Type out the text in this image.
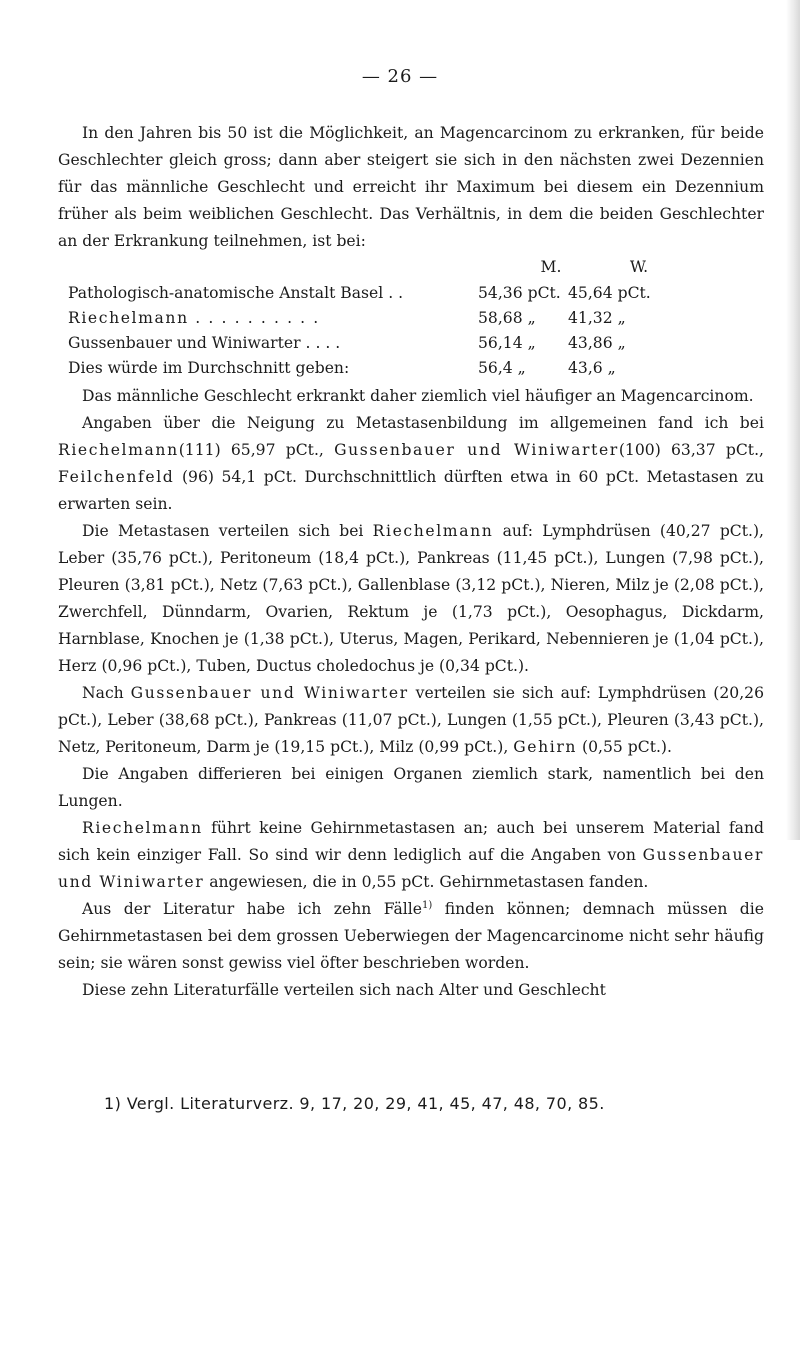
— 26 —

In den Jahren bis 50 ist die Möglichkeit, an Magencarcinom zu erkranken, für beide Geschlechter gleich gross; dann aber steigert sie sich in den nächsten zwei Dezennien für das männliche Geschlecht und erreicht ihr Maximum bei diesem ein Dezennium früher als beim weiblichen Geschlecht. Das Verhältnis, in dem die beiden Geschlechter an der Erkrankung teilnehmen, ist bei:

M.	W.
Pathologisch-anatomische Anstalt Basel . .	54,36 pCt.	45,64 pCt.
Riechelmann . . . . . . . . . .	58,68 „	41,32 „
Gussenbauer und Winiwarter . . . .	56,14 „	43,86 „
Dies würde im Durchschnitt geben:	56,4 „	43,6 „

Das männliche Geschlecht erkrankt daher ziemlich viel häufiger an Magencarcinom.

Angaben über die Neigung zu Metastasenbildung im allgemeinen fand ich bei Riechelmann(111) 65,97 pCt., Gussenbauer und Winiwarter(100) 63,37 pCt., Feilchenfeld (96) 54,1 pCt. Durchschnittlich dürften etwa in 60 pCt. Metastasen zu erwarten sein.

Die Metastasen verteilen sich bei Riechelmann auf: Lymphdrüsen (40,27 pCt.), Leber (35,76 pCt.), Peritoneum (18,4 pCt.), Pankreas (11,45 pCt.), Lungen (7,98 pCt.), Pleuren (3,81 pCt.), Netz (7,63 pCt.), Gallenblase (3,12 pCt.), Nieren, Milz je (2,08 pCt.), Zwerchfell, Dünndarm, Ovarien, Rektum je (1,73 pCt.), Oesophagus, Dickdarm, Harnblase, Knochen je (1,38 pCt.), Uterus, Magen, Perikard, Nebennieren je (1,04 pCt.), Herz (0,96 pCt.), Tuben, Ductus choledochus je (0,34 pCt.).

Nach Gussenbauer und Winiwarter verteilen sie sich auf: Lymphdrüsen (20,26 pCt.), Leber (38,68 pCt.), Pankreas (11,07 pCt.), Lungen (1,55 pCt.), Pleuren (3,43 pCt.), Netz, Peritoneum, Darm je (19,15 pCt.), Milz (0,99 pCt.), Gehirn (0,55 pCt.).

Die Angaben differieren bei einigen Organen ziemlich stark, namentlich bei den Lungen.

Riechelmann führt keine Gehirnmetastasen an; auch bei unserem Material fand sich kein einziger Fall. So sind wir denn lediglich auf die Angaben von Gussenbauer und Winiwarter angewiesen, die in 0,55 pCt. Gehirnmetastasen fanden.

Aus der Literatur habe ich zehn Fälle$^{1)}$ finden können; demnach müssen die Gehirnmetastasen bei dem grossen Ueberwiegen der Magencarcinome nicht sehr häufig sein; sie wären sonst gewiss viel öfter beschrieben worden.

Diese zehn Literaturfälle verteilen sich nach Alter und Geschlecht

1) Vergl. Literaturverz. 9, 17, 20, 29, 41, 45, 47, 48, 70, 85.
